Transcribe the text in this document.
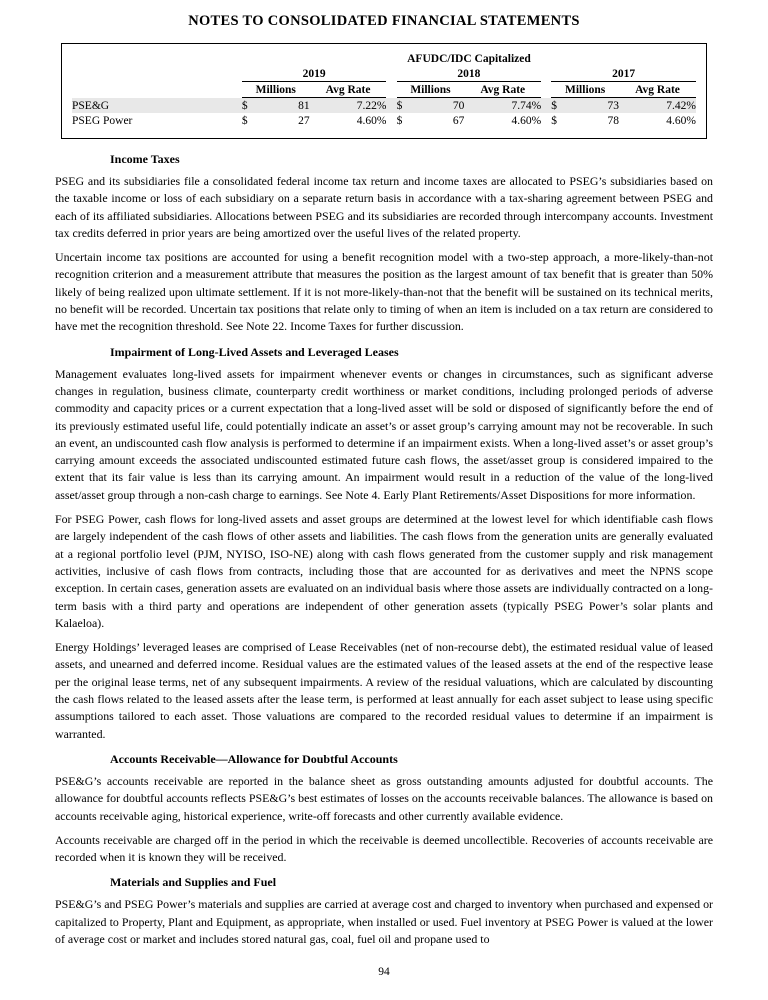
NOTES TO CONSOLIDATED FINANCIAL STATEMENTS
	AFUDC/IDC Capitalized										
	2019				2018				2017		
	Millions		Avg Rate		Millions		Avg Rate		Millions		Avg Rate
PSE&G	$	81	7.22%		$	70	7.74%		$	73	7.42%
PSEG Power	$	27	4.60%		$	67	4.60%		$	78	4.60%
Income Taxes

PSEG and its subsidiaries file a consolidated federal income tax return and income taxes are allocated to PSEG’s subsidiaries based on the taxable income or loss of each subsidiary on a separate return basis in accordance with a tax-sharing agreement between PSEG and each of its affiliated subsidiaries. Allocations between PSEG and its subsidiaries are recorded through intercompany accounts. Investment tax credits deferred in prior years are being amortized over the useful lives of the related property.

Uncertain income tax positions are accounted for using a benefit recognition model with a two-step approach, a more-likely-than-not recognition criterion and a measurement attribute that measures the position as the largest amount of tax benefit that is greater than 50% likely of being realized upon ultimate settlement. If it is not more-likely-than-not that the benefit will be sustained on its technical merits, no benefit will be recorded. Uncertain tax positions that relate only to timing of when an item is included on a tax return are considered to have met the recognition threshold. See Note 22. Income Taxes for further discussion.

Impairment of Long-Lived Assets and Leveraged Leases

Management evaluates long-lived assets for impairment whenever events or changes in circumstances, such as significant adverse changes in regulation, business climate, counterparty credit worthiness or market conditions, including prolonged periods of adverse commodity and capacity prices or a current expectation that a long-lived asset will be sold or disposed of significantly before the end of its previously estimated useful life, could potentially indicate an asset’s or asset group’s carrying amount may not be recoverable. In such an event, an undiscounted cash flow analysis is performed to determine if an impairment exists. When a long-lived asset’s or asset group’s carrying amount exceeds the associated undiscounted estimated future cash flows, the asset/asset group is considered impaired to the extent that its fair value is less than its carrying amount. An impairment would result in a reduction of the value of the long-lived asset/asset group through a non-cash charge to earnings. See Note 4. Early Plant Retirements/Asset Dispositions for more information.

For PSEG Power, cash flows for long-lived assets and asset groups are determined at the lowest level for which identifiable cash flows are largely independent of the cash flows of other assets and liabilities. The cash flows from the generation units are generally evaluated at a regional portfolio level (PJM, NYISO, ISO-NE) along with cash flows generated from the customer supply and risk management activities, inclusive of cash flows from contracts, including those that are accounted for as derivatives and meet the NPNS scope exception. In certain cases, generation assets are evaluated on an individual basis where those assets are individually contracted on a long-term basis with a third party and operations are independent of other generation assets (typically PSEG Power’s solar plants and Kalaeloa).

Energy Holdings’ leveraged leases are comprised of Lease Receivables (net of non-recourse debt), the estimated residual value of leased assets, and unearned and deferred income. Residual values are the estimated values of the leased assets at the end of the respective lease per the original lease terms, net of any subsequent impairments. A review of the residual valuations, which are calculated by discounting the cash flows related to the leased assets after the lease term, is performed at least annually for each asset subject to lease using specific assumptions tailored to each asset. Those valuations are compared to the recorded residual values to determine if an impairment is warranted.

Accounts Receivable—Allowance for Doubtful Accounts

PSE&G’s accounts receivable are reported in the balance sheet as gross outstanding amounts adjusted for doubtful accounts. The allowance for doubtful accounts reflects PSE&G’s best estimates of losses on the accounts receivable balances. The allowance is based on accounts receivable aging, historical experience, write-off forecasts and other currently available evidence.

Accounts receivable are charged off in the period in which the receivable is deemed uncollectible. Recoveries of accounts receivable are recorded when it is known they will be received.

Materials and Supplies and Fuel

PSE&G’s and PSEG Power’s materials and supplies are carried at average cost and charged to inventory when purchased and expensed or capitalized to Property, Plant and Equipment, as appropriate, when installed or used. Fuel inventory at PSEG Power is valued at the lower of average cost or market and includes stored natural gas, coal, fuel oil and propane used to

94
